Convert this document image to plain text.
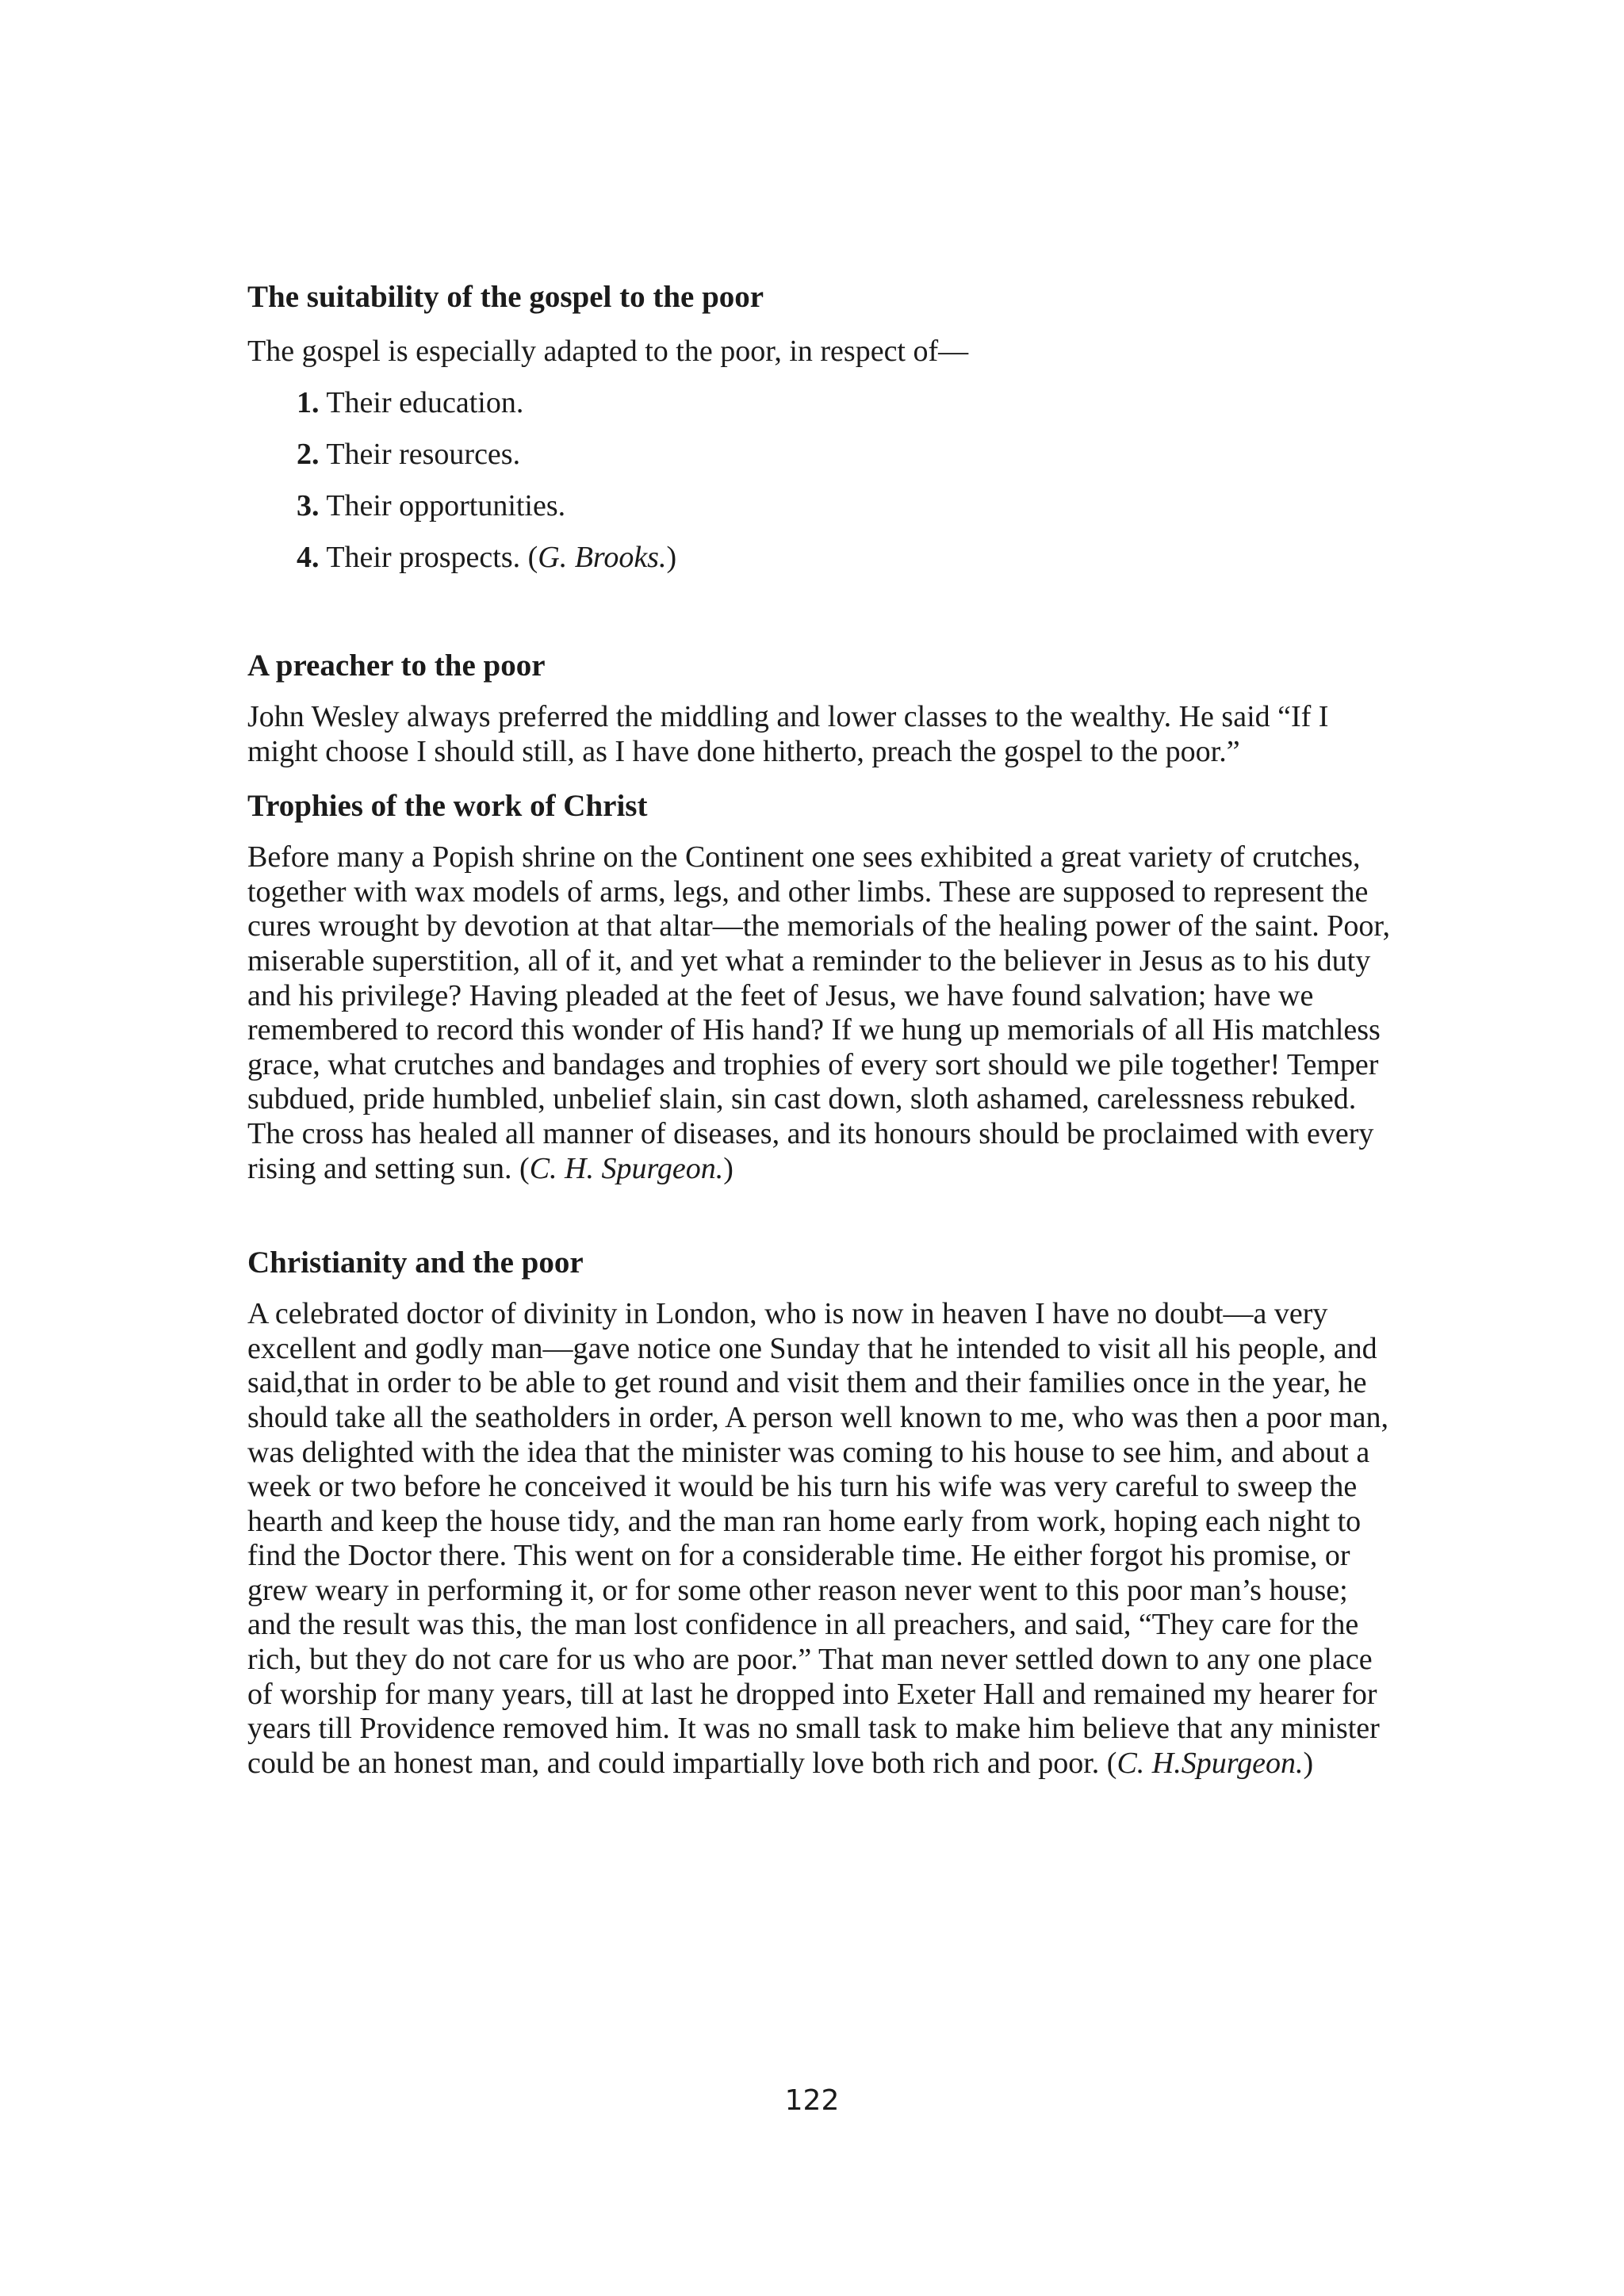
The suitability of the gospel to the poor

The gospel is especially adapted to the poor, in respect of—

1. Their education.
2. Their resources.
3. Their opportunities.
4. Their prospects. (G. Brooks.)
A preacher to the poor

John Wesley always preferred the middling and lower classes to the wealthy. He said “If I might choose I should still, as I have done hitherto, preach the gospel to the poor.”

Trophies of the work of Christ

Before many a Popish shrine on the Continent one sees exhibited a great variety of crutches, together with wax models of arms, legs, and other limbs. These are supposed to represent the cures wrought by devotion at that altar—the memorials of the healing power of the saint. Poor, miserable superstition, all of it, and yet what a reminder to the believer in Jesus as to his duty and his privilege? Having pleaded at the feet of Jesus, we have found salvation; have we remembered to record this wonder of His hand? If we hung up memorials of all His matchless grace, what crutches and bandages and trophies of every sort should we pile together! Temper subdued, pride humbled, unbelief slain, sin cast down, sloth ashamed, carelessness rebuked. The cross has healed all manner of diseases, and its honours should be proclaimed with every rising and setting sun. (C. H. Spurgeon.)

Christianity and the poor

A celebrated doctor of divinity in London, who is now in heaven I have no doubt—a very excellent and godly man—gave notice one Sunday that he intended to visit all his people, and said,that in order to be able to get round and visit them and their families once in the year, he should take all the seatholders in order, A person well known to me, who was then a poor man, was delighted with the idea that the minister was coming to his house to see him, and about a week or two before he conceived it would be his turn his wife was very careful to sweep the hearth and keep the house tidy, and the man ran home early from work, hoping each night to find the Doctor there. This went on for a considerable time. He either forgot his promise, or grew weary in performing it, or for some other reason never went to this poor man’s house; and the result was this, the man lost confidence in all preachers, and said, “They care for the rich, but they do not care for us who are poor.” That man never settled down to any one place of worship for many years, till at last he dropped into Exeter Hall and remained my hearer for years till Providence removed him. It was no small task to make him believe that any minister could be an honest man, and could impartially love both rich and poor. (C. H.Spurgeon.)

122
